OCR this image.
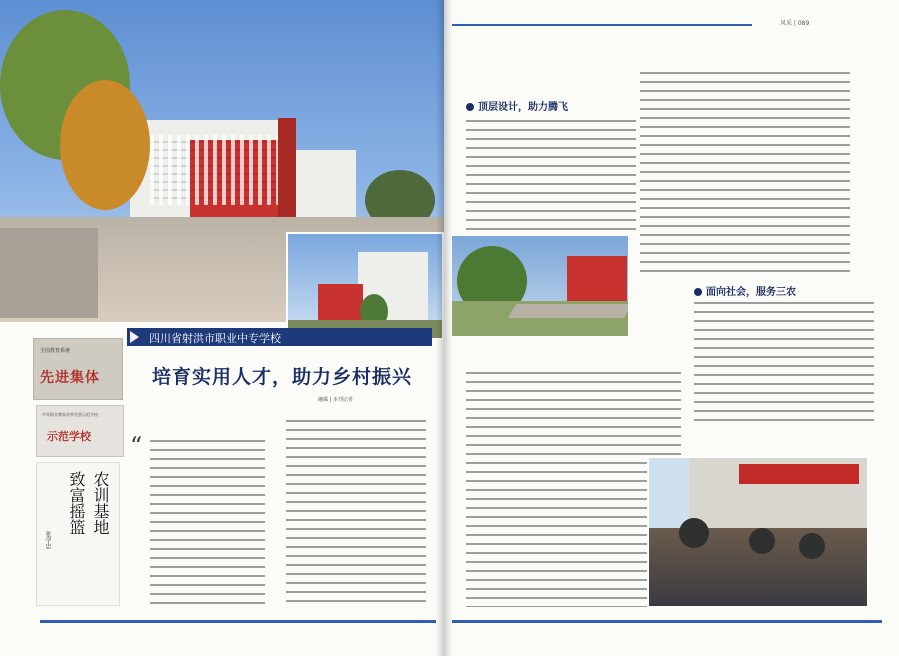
四川省射洪市职业中专学校
培育实用人才，助力乡村振兴
融媒 | 本刊记者
全国教育系统
先进集体
中等职业教育改革发展示范学校
示范学校
农训基地
致富摇篮
张学忠
“
风采 | 089
顶层设计，助力腾飞
面向社会，服务三农
